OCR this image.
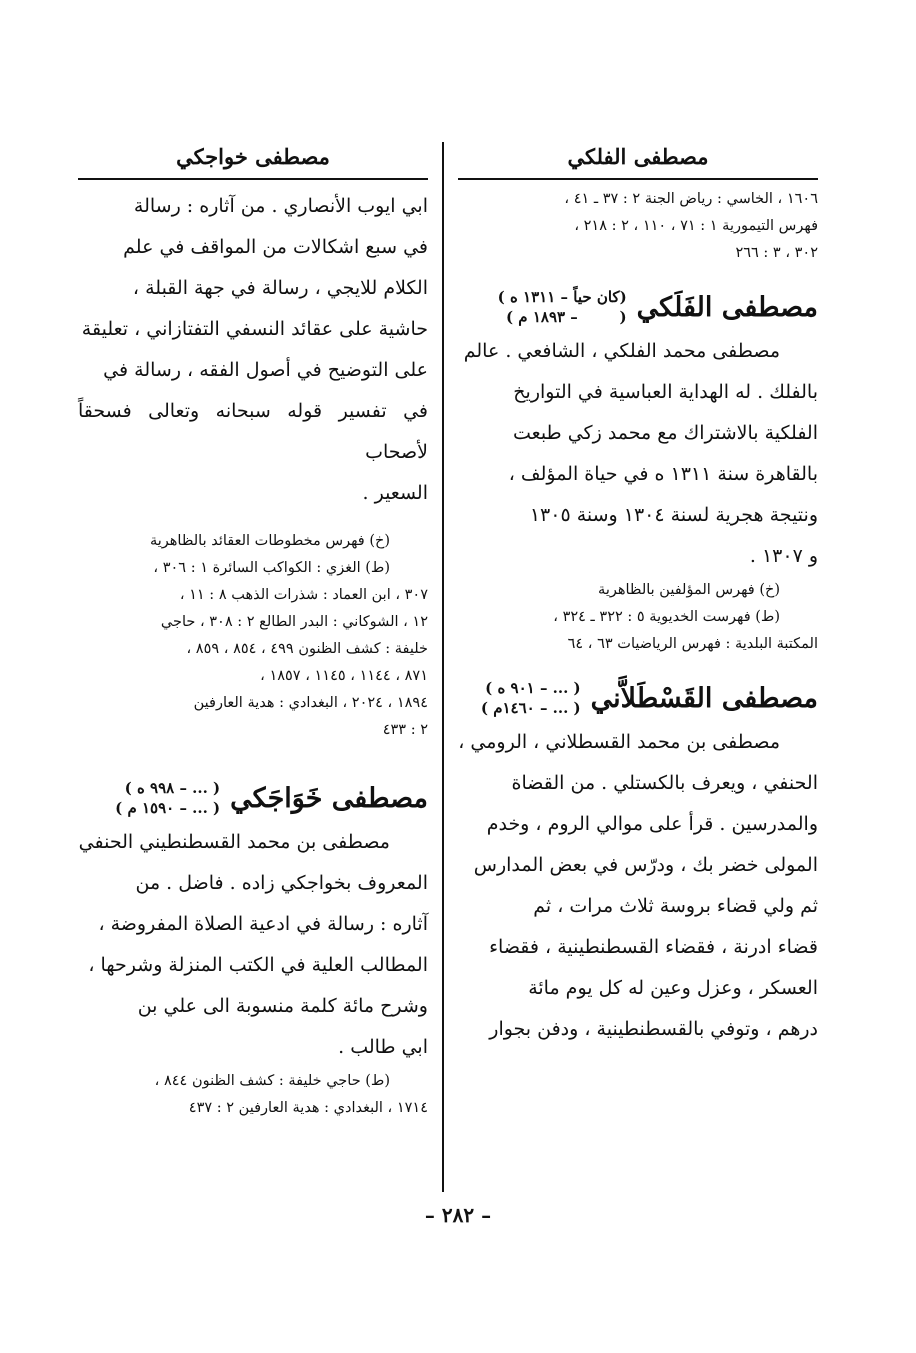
مصطفى الفلكي

١٦٠٦ ، الخاسي : رياض الجنة ٢ : ٣٧ ـ ٤١ ،

فهرس التيمورية ١ : ٧١ ، ١١٠ ، ٢ : ٢١٨ ،

٣٠٢ ، ٣ : ٢٦٦

مصطفى الفَلَكي
(كان حياً – ١٣١١ ه )
(        – ١٨٩٣ م )

مصطفى محمد الفلكي ، الشافعي . عالم

بالفلك . له الهداية العباسية في التواريخ

الفلكية بالاشتراك مع محمد زكي طبعت

بالقاهرة سنة ١٣١١ ه في حياة المؤلف ،

ونتيجة هجرية لسنة ١٣٠٤ وسنة ١٣٠٥

و ١٣٠٧ .

(خ) فهرس المؤلفين بالظاهرية

(ط) فهرست الخديوية ٥ : ٣٢٢ ـ ٣٢٤ ،

المكتبة البلدية : فهرس الرياضيات ٦٣ ، ٦٤

مصطفى القَسْطَلاَّني
( ... – ٩٠١ ه )
( ... – ١٤٦٠م )

مصطفى بن محمد القسطلاني ، الرومي ،

الحنفي ، ويعرف بالكستلي . من القضاة

والمدرسين . قرأ على موالي الروم ، وخدم

المولى خضر بك ، ودرّس في بعض المدارس

ثم ولي قضاء بروسة ثلاث مرات ، ثم

قضاء ادرنة ، فقضاء القسطنطينية ، فقضاء

العسكر ، وعزل وعين له كل يوم مائة

درهم ، وتوفي بالقسطنطينية ، ودفن بجوار

مصطفى خواجكي

ابي ايوب الأنصاري . من آثاره : رسالة

في سبع اشكالات من المواقف في علم

الكلام للايجي ، رسالة في جهة القبلة ،

حاشية على عقائد النسفي التفتازاني ، تعليقة

على التوضيح في أصول الفقه ، رسالة في

في تفسير قوله سبحانه وتعالى فسحقاً لأصحاب

السعير .

(خ) فهرس مخطوطات العقائد بالظاهرية

(ط) الغزي : الكواكب السائرة ١ : ٣٠٦ ،

٣٠٧ ، ابن العماد : شذرات الذهب ٨ : ١١ ،

١٢ ، الشوكاني : البدر الطالع ٢ : ٣٠٨ ، حاجي

خليفة : كشف الظنون ٤٩٩ ، ٨٥٤ ، ٨٥٩ ،

٨٧١ ، ١١٤٤ ، ١١٤٥ ، ١٨٥٧ ،

١٨٩٤ ، ٢٠٢٤ ، البغدادي : هدية العارفين

٢ : ٤٣٣

مصطفى خَوَاجَكي
( ... – ٩٩٨ ه )
( ... – ١٥٩٠ م )

مصطفى بن محمد القسطنطيني الحنفي

المعروف بخواجكي زاده . فاضل . من

آثاره : رسالة في ادعية الصلاة المفروضة ،

المطالب العلية في الكتب المنزلة وشرحها ،

وشرح مائة كلمة منسوبة الى علي بن

ابي طالب .

(ط) حاجي خليفة : كشف الظنون ٨٤٤ ،

١٧١٤ ، البغدادي : هدية العارفين ٢ : ٤٣٧

– ٢٨٢ –
